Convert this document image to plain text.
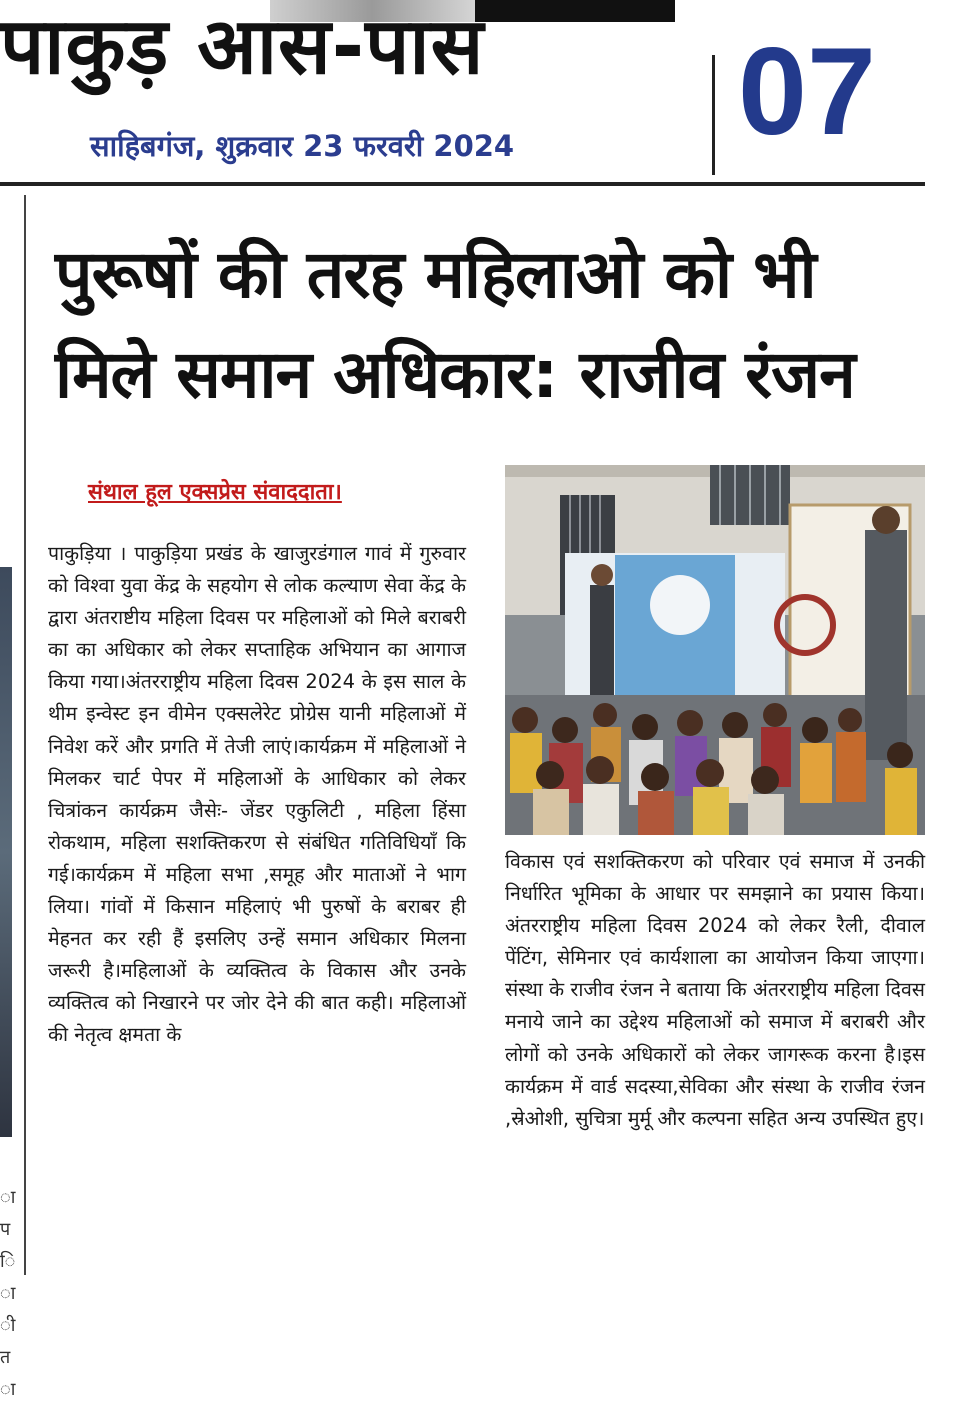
पाकुड़ आस-पास
साहिबगंज, शुक्रवार 23 फरवरी 2024 07
ा
प
ि
ा
ी
त
ा
पुरूषों की तरह महिलाओ को भी मिले समान अधिकार: राजीव रंजन
संथाल हूल एक्सप्रेस संवाददाता।
पाकुड़िया । पाकुड़िया प्रखंड के खाजुरडंगाल गावं में गुरुवार को विश्वा युवा केंद्र के सहयोग से लोक कल्याण सेवा केंद्र के द्वारा अंतराष्टीय महिला दिवस पर महिलाओं को मिले बराबरी का का अधिकार को लेकर सप्ताहिक अभियान का आगाज किया गया।अंतरराष्ट्रीय महिला दिवस 2024 के इस साल के थीम इन्वेस्ट इन वीमेन एक्सलेरेट प्रोग्रेस यानी महिलाओं में निवेश करें और प्रगति में तेजी लाएं।कार्यक्रम में महिलाओं ने मिलकर चार्ट पेपर में महिलाओं के आधिकार को लेकर चित्रांकन कार्यक्रम जैसेः- जेंडर एकुलिटी , महिला हिंसा रोकथाम, महिला सशक्तिकरण से संबंधित गतिविधियाँ कि गई।कार्यक्रम में महिला सभा ,समूह और माताओं ने भाग लिया। गांवों में किसान महिलाएं भी पुरुषों के बराबर ही मेहनत कर रही हैं इसलिए उन्हें समान अधिकार मिलना जरूरी है।महिलाओं के व्यक्तित्व के विकास और उनके व्यक्तित्व को निखारने पर जोर देने की बात कही। महिलाओं की नेतृत्व क्षमता के
विकास एवं सशक्तिकरण को परिवार एवं समाज में उनकी निर्धारित भूमिका के आधार पर समझाने का प्रयास किया। अंतरराष्ट्रीय महिला दिवस 2024 को लेकर रैली, दीवाल पेंटिंग, सेमिनार एवं कार्यशाला का आयोजन किया जाएगा। संस्था के राजीव रंजन ने बताया कि अंतरराष्ट्रीय महिला दिवस मनाये जाने का उद्देश्य महिलाओं को समाज में बराबरी और लोगों को उनके अधिकारों को लेकर जागरूक करना है।इस कार्यक्रम में वार्ड सदस्या,सेविका और संस्था के राजीव रंजन ,स्रेओशी, सुचित्रा मुर्मू और कल्पना सहित अन्य उपस्थित हुए।
